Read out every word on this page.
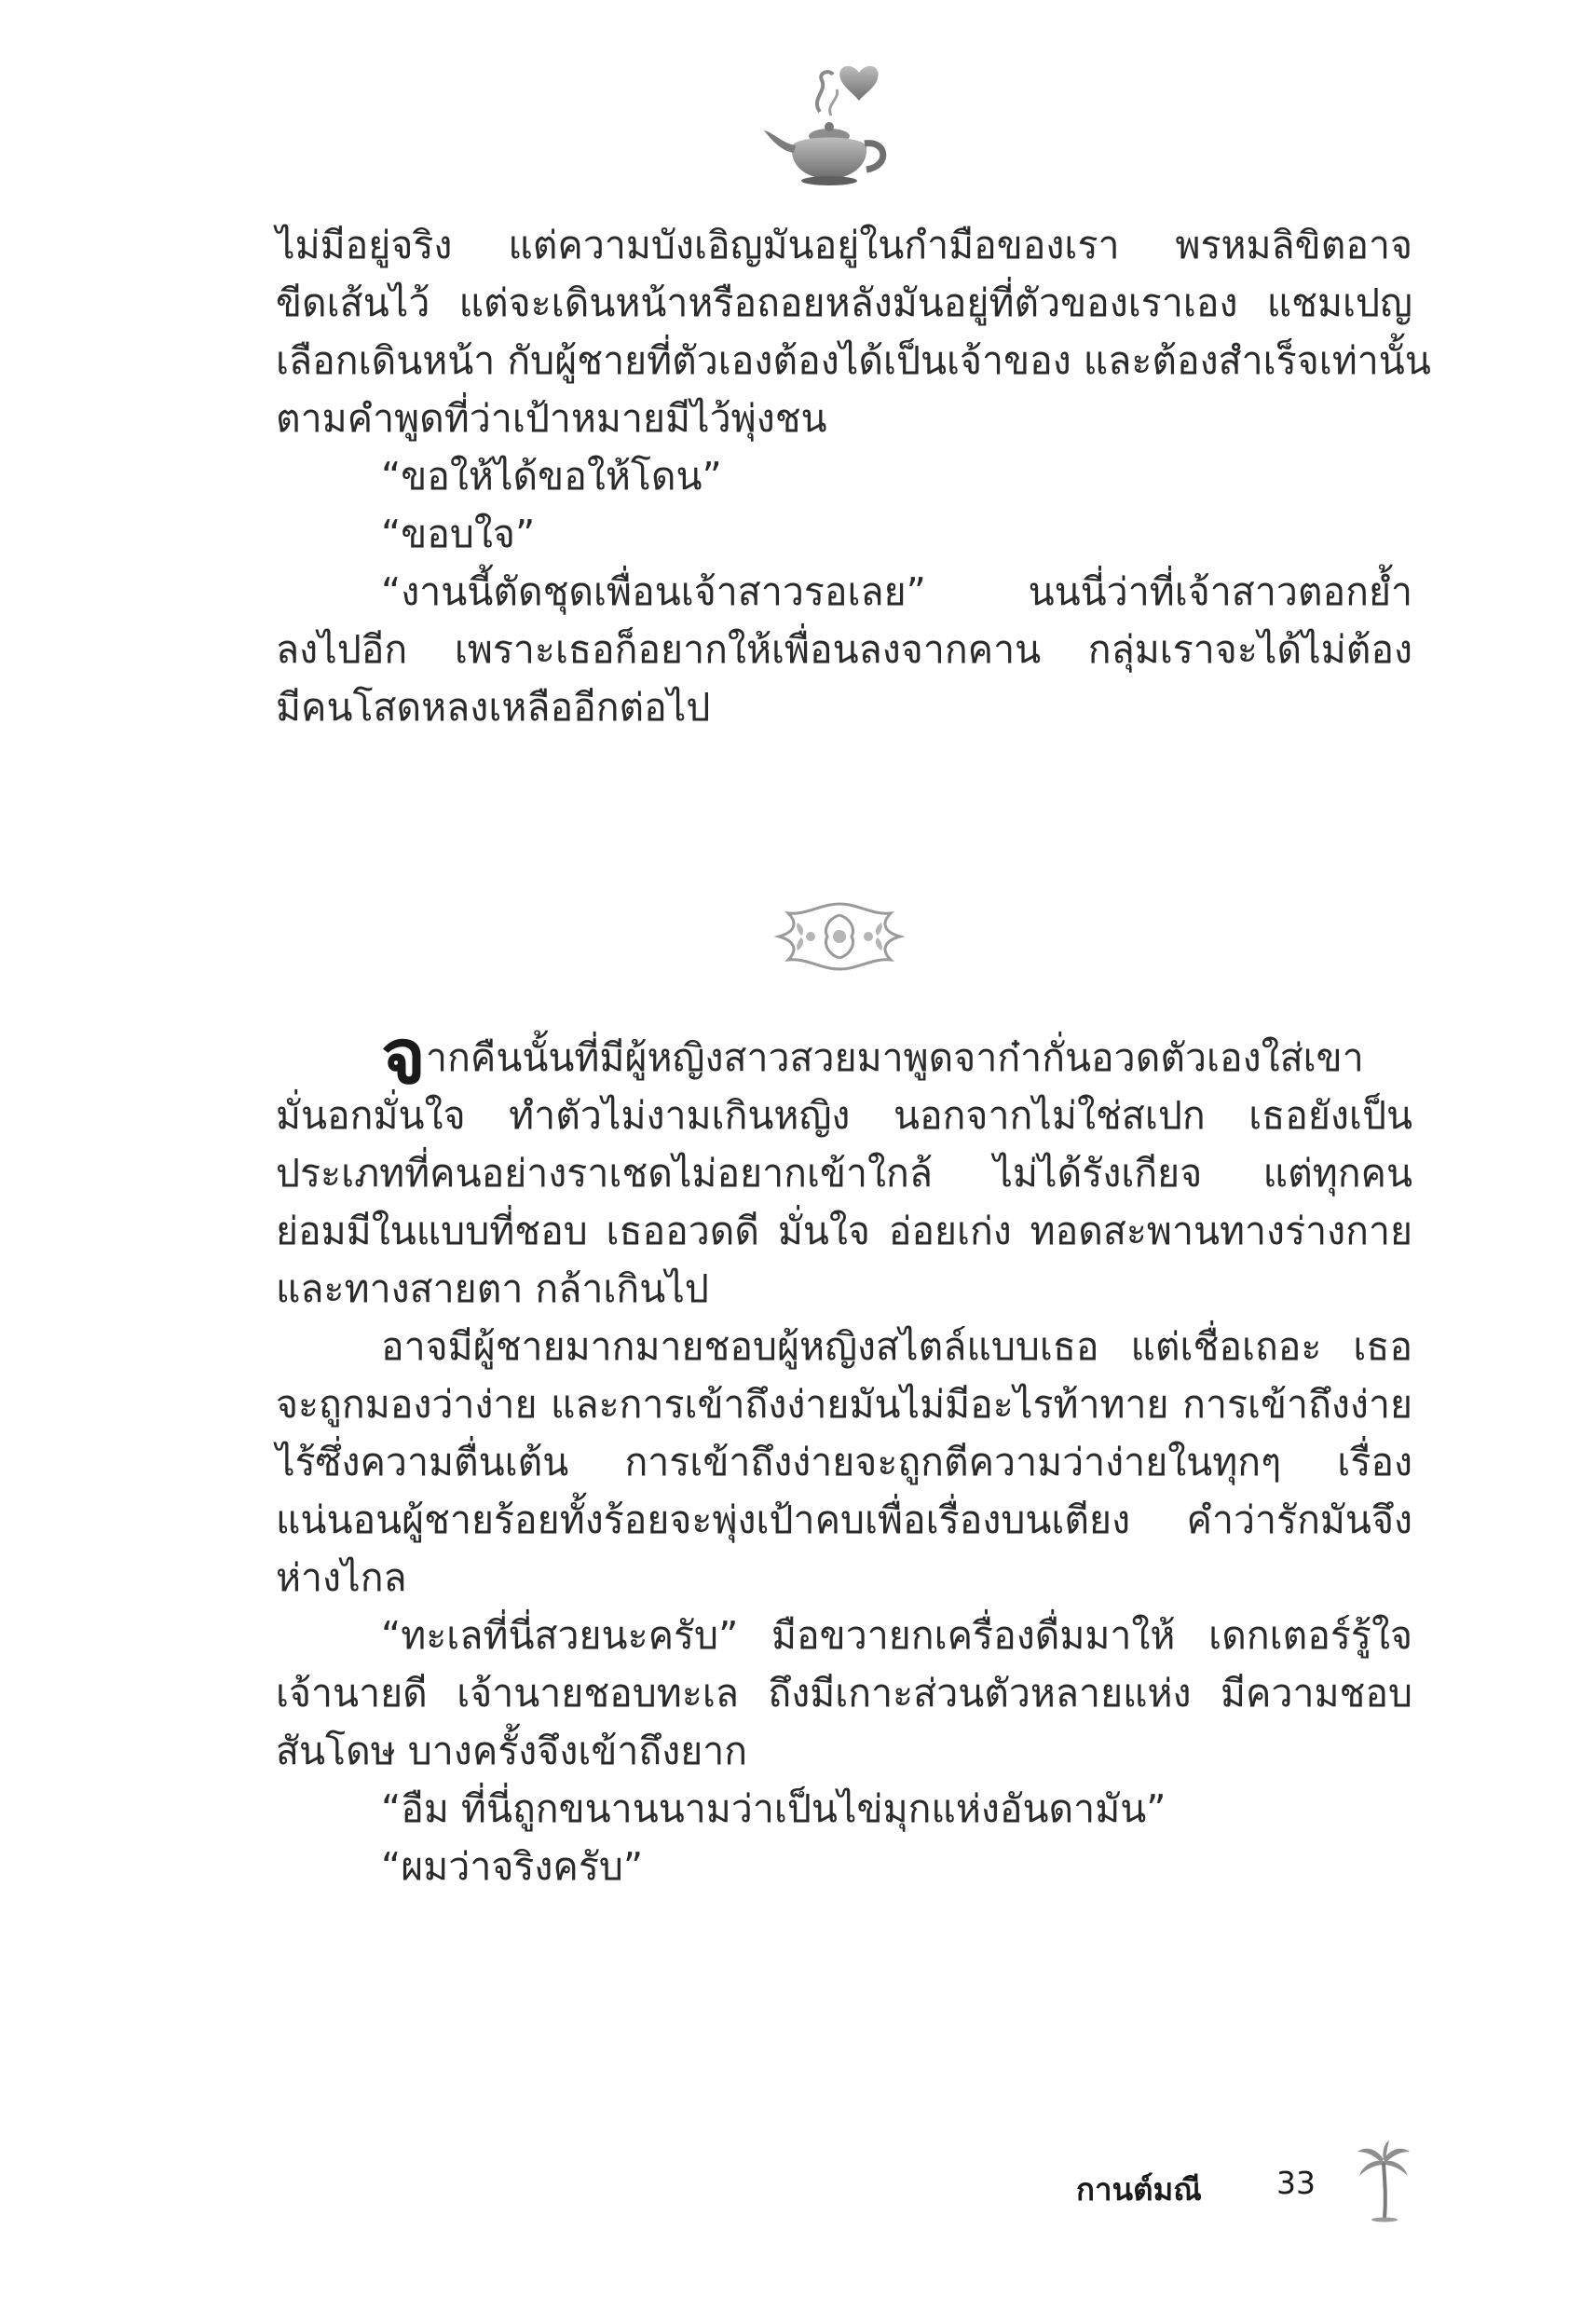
ไม่มีอยู่จริง แต่ความบังเอิญมันอยู่ในกำมือของเรา พรหมลิขิตอาจ
ขีดเส้นไว้ แต่จะเดินหน้าหรือถอยหลังมันอยู่ที่ตัวของเราเอง แชมเปญ
เลือกเดินหน้า กับผู้ชายที่ตัวเองต้องได้เป็นเจ้าของ และต้องสำเร็จเท่านั้น
ตามคำพูดที่ว่าเป้าหมายมีไว้พุ่งชน
“ขอให้ได้ขอให้โดน”
“ขอบใจ”
“งานนี้ตัดชุดเพื่อนเจ้าสาวรอเลย” นนนี่ว่าที่เจ้าสาวตอกย้ำ
ลงไปอีก เพราะเธอก็อยากให้เพื่อนลงจากคาน กลุ่มเราจะได้ไม่ต้อง
มีคนโสดหลงเหลืออีกต่อไป
จากคืนนั้นที่มีผู้หญิงสาวสวยมาพูดจาก๋ากั่นอวดตัวเองใส่เขา
มั่นอกมั่นใจ ทำตัวไม่งามเกินหญิง นอกจากไม่ใช่สเปก เธอยังเป็น
ประเภทที่คนอย่างราเชดไม่อยากเข้าใกล้ ไม่ได้รังเกียจ แต่ทุกคน
ย่อมมีในแบบที่ชอบ เธออวดดี มั่นใจ อ่อยเก่ง ทอดสะพานทางร่างกาย
และทางสายตา กล้าเกินไป
อาจมีผู้ชายมากมายชอบผู้หญิงสไตล์แบบเธอ แต่เชื่อเถอะ เธอ
จะถูกมองว่าง่าย และการเข้าถึงง่ายมันไม่มีอะไรท้าทาย การเข้าถึงง่าย
ไร้ซึ่งความตื่นเต้น การเข้าถึงง่ายจะถูกตีความว่าง่ายในทุกๆ เรื่อง
แน่นอนผู้ชายร้อยทั้งร้อยจะพุ่งเป้าคบเพื่อเรื่องบนเตียง คำว่ารักมันจึง
ห่างไกล
“ทะเลที่นี่สวยนะครับ” มือขวายกเครื่องดื่มมาให้ เดกเตอร์รู้ใจ
เจ้านายดี เจ้านายชอบทะเล ถึงมีเกาะส่วนตัวหลายแห่ง มีความชอบ
สันโดษ บางครั้งจึงเข้าถึงยาก
“อืม ที่นี่ถูกขนานนามว่าเป็นไข่มุกแห่งอันดามัน”
“ผมว่าจริงครับ”
กานต์มณี 33
